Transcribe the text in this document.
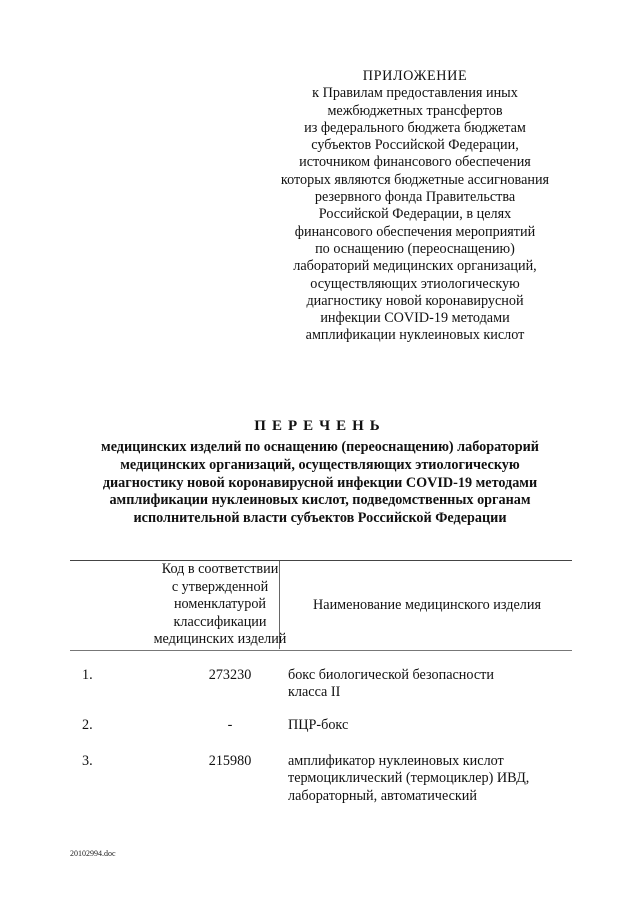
ПРИЛОЖЕНИЕ
к Правилам предоставления иных
межбюджетных трансфертов
из федерального бюджета бюджетам
субъектов Российской Федерации,
источником финансового обеспечения
которых являются бюджетные ассигнования
резервного фонда Правительства
Российской Федерации, в целях
финансового обеспечения мероприятий
по оснащению (переоснащению)
лабораторий медицинских организаций,
осуществляющих этиологическую
диагностику новой коронавирусной
инфекции COVID-19 методами
амплификации нуклеиновых кислот
ПЕРЕЧЕНЬ
медицинских изделий по оснащению (переоснащению) лабораторий
медицинских организаций, осуществляющих этиологическую
диагностику новой коронавирусной инфекции COVID-19 методами
амплификации нуклеиновых кислот, подведомственных органам
исполнительной власти субъектов Российской Федерации
Код в соответствии
с утвержденной
номенклатурой
классификации
медицинских изделий
Наименование медицинского изделия
1.	273230	бокс биологической безопасности
класса II
2.	-	ПЦР-бокс
3.	215980	амплификатор нуклеиновых кислот
термоциклический (термоциклер) ИВД,
лабораторный, автоматический
20102994.doc
